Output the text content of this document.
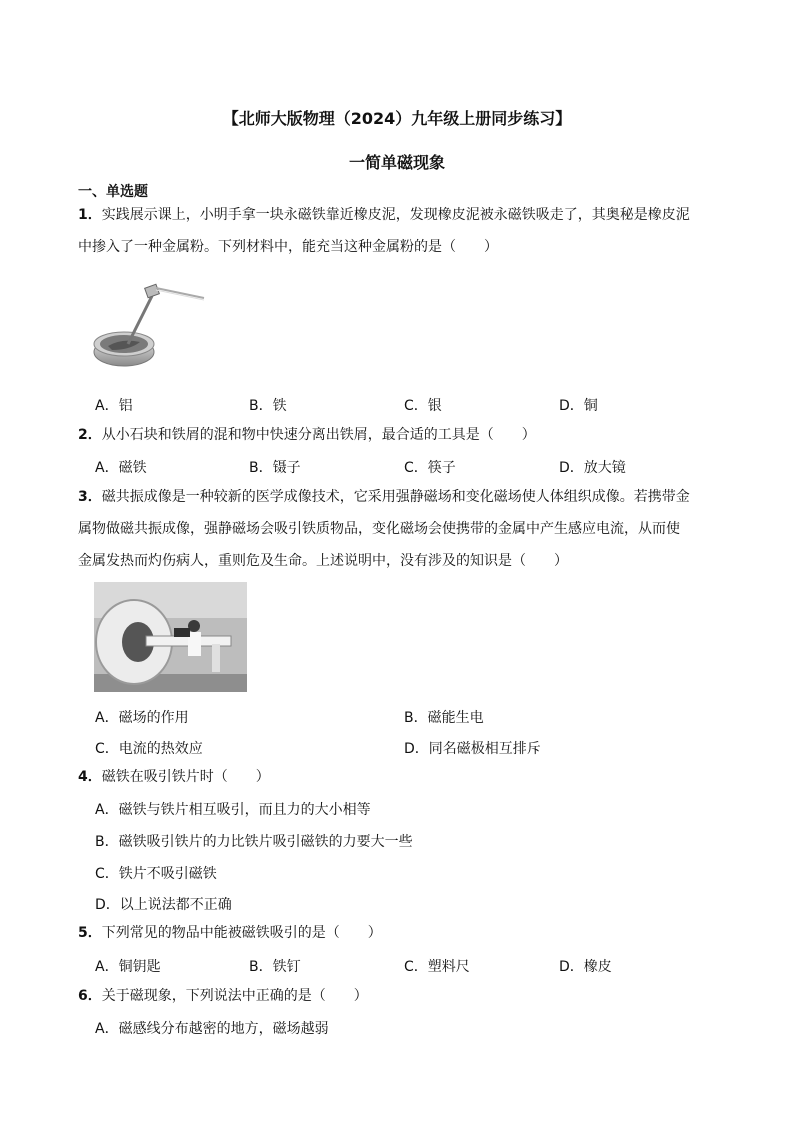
【北师大版物理（2024）九年级上册同步练习】
一简单磁现象
一、单选题
1．实践展示课上，小明手拿一块永磁铁靠近橡皮泥，发现橡皮泥被永磁铁吸走了，其奥秘是橡皮泥
中掺入了一种金属粉。下列材料中，能充当这种金属粉的是（　　）
A．铝	B．铁	C．银	D．铜
2．从小石块和铁屑的混和物中快速分离出铁屑，最合适的工具是（　　）
A．磁铁	B．镊子	C．筷子	D．放大镜
3．磁共振成像是一种较新的医学成像技术，它采用强静磁场和变化磁场使人体组织成像。若携带金
属物做磁共振成像，强静磁场会吸引铁质物品，变化磁场会使携带的金属中产生感应电流，从而使
金属发热而灼伤病人，重则危及生命。上述说明中，没有涉及的知识是（　　）
A．磁场的作用	B．磁能生电
C．电流的热效应	D．同名磁极相互排斥
4．磁铁在吸引铁片时（　　）
A．磁铁与铁片相互吸引，而且力的大小相等
B．磁铁吸引铁片的力比铁片吸引磁铁的力要大一些
C．铁片不吸引磁铁
D．以上说法都不正确
5．下列常见的物品中能被磁铁吸引的是（　　）
A．铜钥匙	B．铁钉	C．塑料尺	D．橡皮
6．关于磁现象，下列说法中正确的是（　　）
A．磁感线分布越密的地方，磁场越弱
